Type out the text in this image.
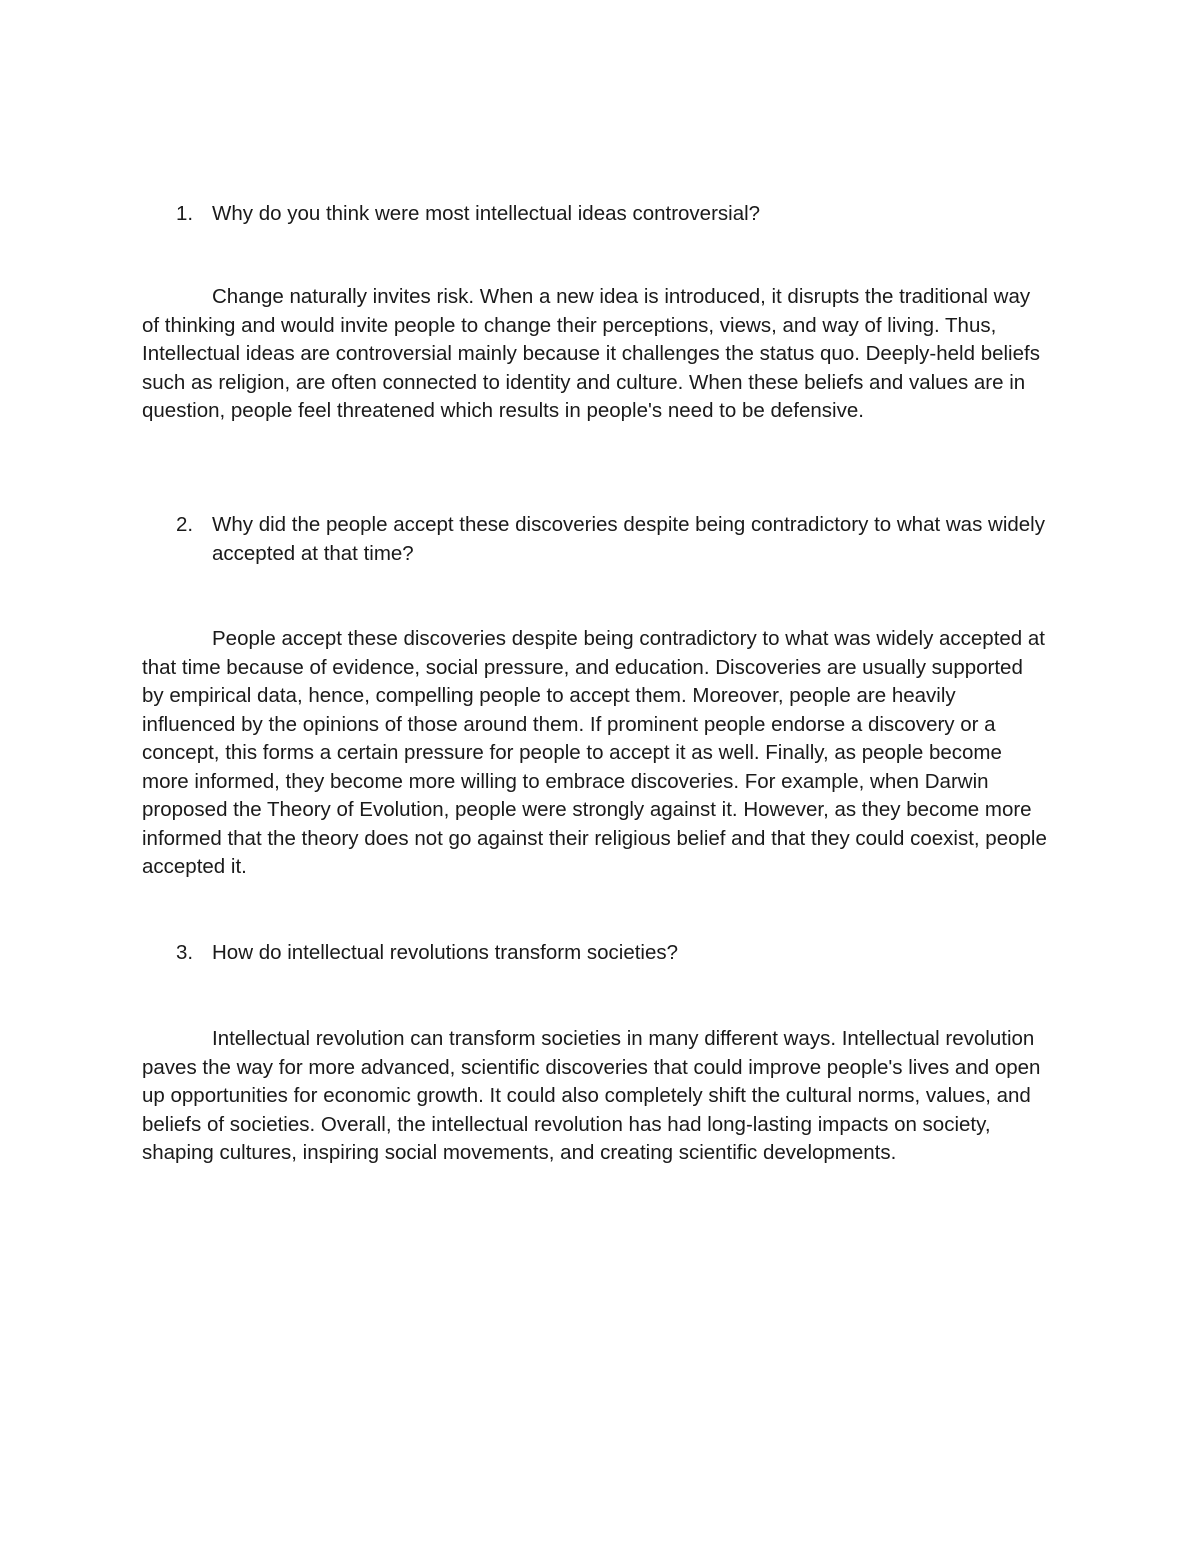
1. Why do you think were most intellectual ideas controversial?

Change naturally invites risk. When a new idea is introduced, it disrupts the traditional way of thinking and would invite people to change their perceptions, views, and way of living. Thus, Intellectual ideas are controversial mainly because it challenges the status quo. Deeply-held beliefs such as religion, are often connected to identity and culture. When these beliefs and values are in question, people feel threatened which results in people's need to be defensive.

2. Why did the people accept these discoveries despite being contradictory to what was widely accepted at that time?

People accept these discoveries despite being contradictory to what was widely accepted at that time because of evidence, social pressure, and education. Discoveries are usually supported by empirical data, hence, compelling people to accept them. Moreover, people are heavily influenced by the opinions of those around them. If prominent people endorse a discovery or a concept, this forms a certain pressure for people to accept it as well. Finally, as people become more informed, they become more willing to embrace discoveries. For example, when Darwin proposed the Theory of Evolution, people were strongly against it. However, as they become more informed that the theory does not go against their religious belief and that they could coexist, people accepted it.

3. How do intellectual revolutions transform societies?

Intellectual revolution can transform societies in many different ways. Intellectual revolution paves the way for more advanced, scientific discoveries that could improve people's lives and open up opportunities for economic growth. It could also completely shift the cultural norms, values, and beliefs of societies. Overall, the intellectual revolution has had long-lasting impacts on society, shaping cultures, inspiring social movements, and creating scientific developments.
